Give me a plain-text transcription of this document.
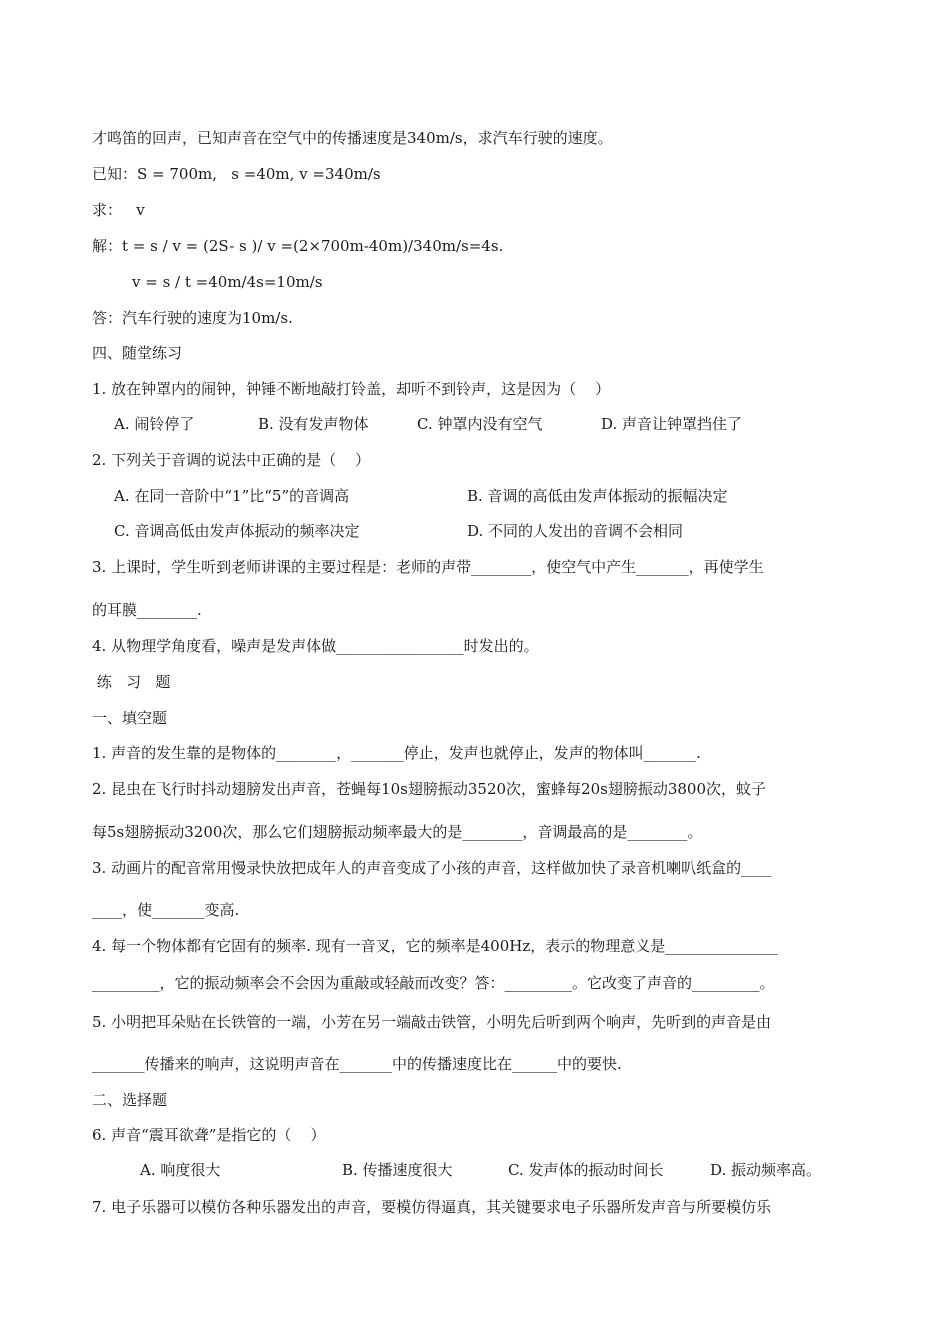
才鸣笛的回声，已知声音在空气中的传播速度是340m/s，求汽车行驶的速度。
已知：S = 700m,   s =40m, v =340m/s
求：   v
解：t = s / v = (2S- s )/ v =(2×700m-40m)/340m/s=4s.
v = s / t =40m/4s=10m/s
答：汽车行驶的速度为10m/s.
四、随堂练习
1. 放在钟罩内的闹钟，钟锤不断地敲打铃盖，却听不到铃声，这是因为（    ）
A. 闹铃停了	B. 没有发声物体	C. 钟罩内没有空气	D. 声音让钟罩挡住了
2. 下列关于音调的说法中正确的是（    ）
A. 在同一音阶中“1”比“5”的音调高	B. 音调的高低由发声体振动的振幅决定
C. 音调高低由发声体振动的频率决定	D. 不同的人发出的音调不会相同
3. 上课时，学生听到老师讲课的主要过程是：老师的声带________，使空气中产生_______，再使学生
的耳膜________.
4. 从物理学角度看，噪声是发声体做_________________时发出的。
练   习   题
一、填空题
1. 声音的发生靠的是物体的________，_______停止，发声也就停止，发声的物体叫_______.
2. 昆虫在飞行时抖动翅膀发出声音，苍蝇每10s翅膀振动3520次，蜜蜂每20s翅膀振动3800次，蚊子
每5s翅膀振动3200次，那么它们翅膀振动频率最大的是________，音调最高的是________。
3. 动画片的配音常用慢录快放把成年人的声音变成了小孩的声音，这样做加快了录音机喇叭纸盒的____
____，使_______变高.
4. 每一个物体都有它固有的频率. 现有一音叉，它的频率是400Hz，表示的物理意义是_______________
_________，它的振动频率会不会因为重敲或轻敲而改变？答：_________。它改变了声音的_________。
5. 小明把耳朵贴在长铁管的一端，小芳在另一端敲击铁管，小明先后听到两个响声，先听到的声音是由
_______传播来的响声，这说明声音在_______中的传播速度比在______中的要快.
二、选择题
6. 声音“震耳欲聋”是指它的（    ）
A. 响度很大	B. 传播速度很大	C. 发声体的振动时间长	D. 振动频率高。
7. 电子乐器可以模仿各种乐器发出的声音，要模仿得逼真，其关键要求电子乐器所发声音与所要模仿乐
